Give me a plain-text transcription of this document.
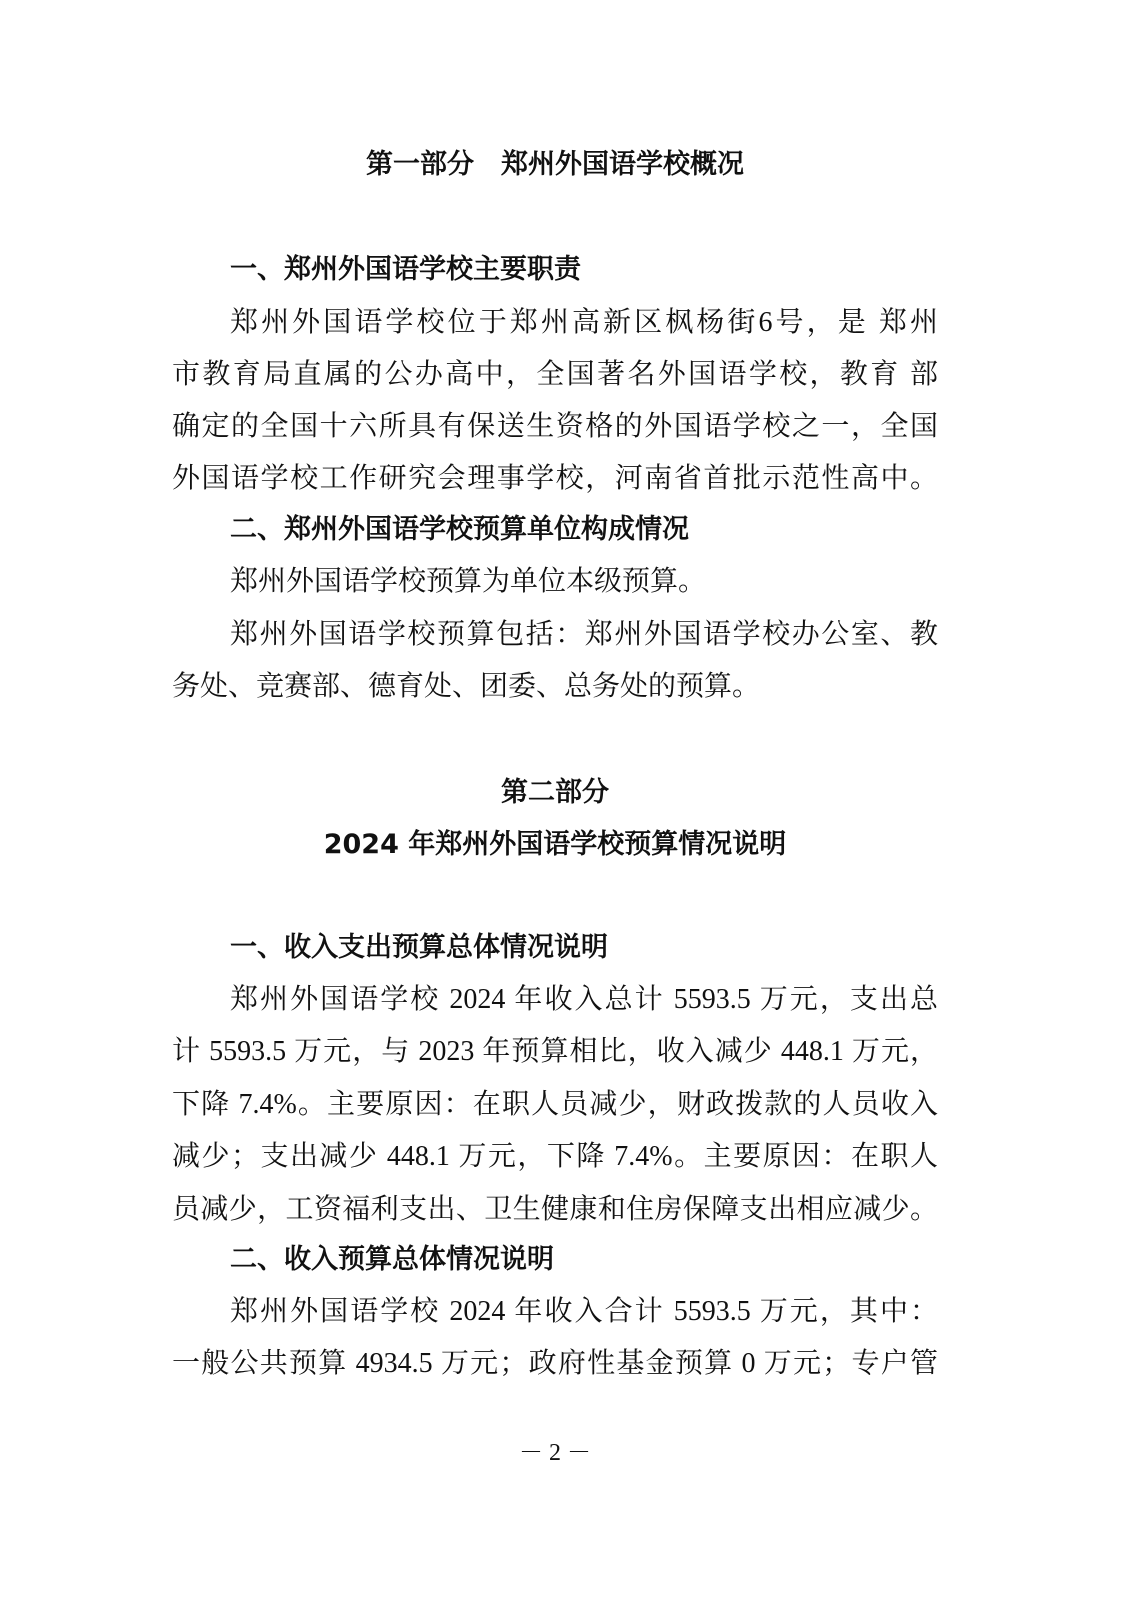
第一部分　郑州外国语学校概况
一、郑州外国语学校主要职责
郑州外国语学校位于郑州高新区枫杨街6号，是 郑州
市教育局直属的公办高中，全国著名外国语学校，教育 部
确定的全国十六所具有保送生资格的外国语学校之一，全国
外国语学校工作研究会理事学校，河南省首批示范性高中。
二、郑州外国语学校预算单位构成情况
郑州外国语学校预算为单位本级预算。
郑州外国语学校预算包括：郑州外国语学校办公室、教
务处、竞赛部、德育处、团委、总务处的预算。
第二部分
2024 年郑州外国语学校预算情况说明
一、收入支出预算总体情况说明
郑州外国语学校 2024 年收入总计 5593.5 万元，支出总
计 5593.5 万元，与 2023 年预算相比，收入减少 448.1 万元，
下降 7.4%。主要原因：在职人员减少，财政拨款的人员收入
减少；支出减少 448.1 万元，下降 7.4%。主要原因：在职人
员减少，工资福利支出、卫生健康和住房保障支出相应减少。
二、收入预算总体情况说明
郑州外国语学校 2024 年收入合计 5593.5 万元，其中：
一般公共预算 4934.5 万元；政府性基金预算 0 万元；专户管
－ 2 －
